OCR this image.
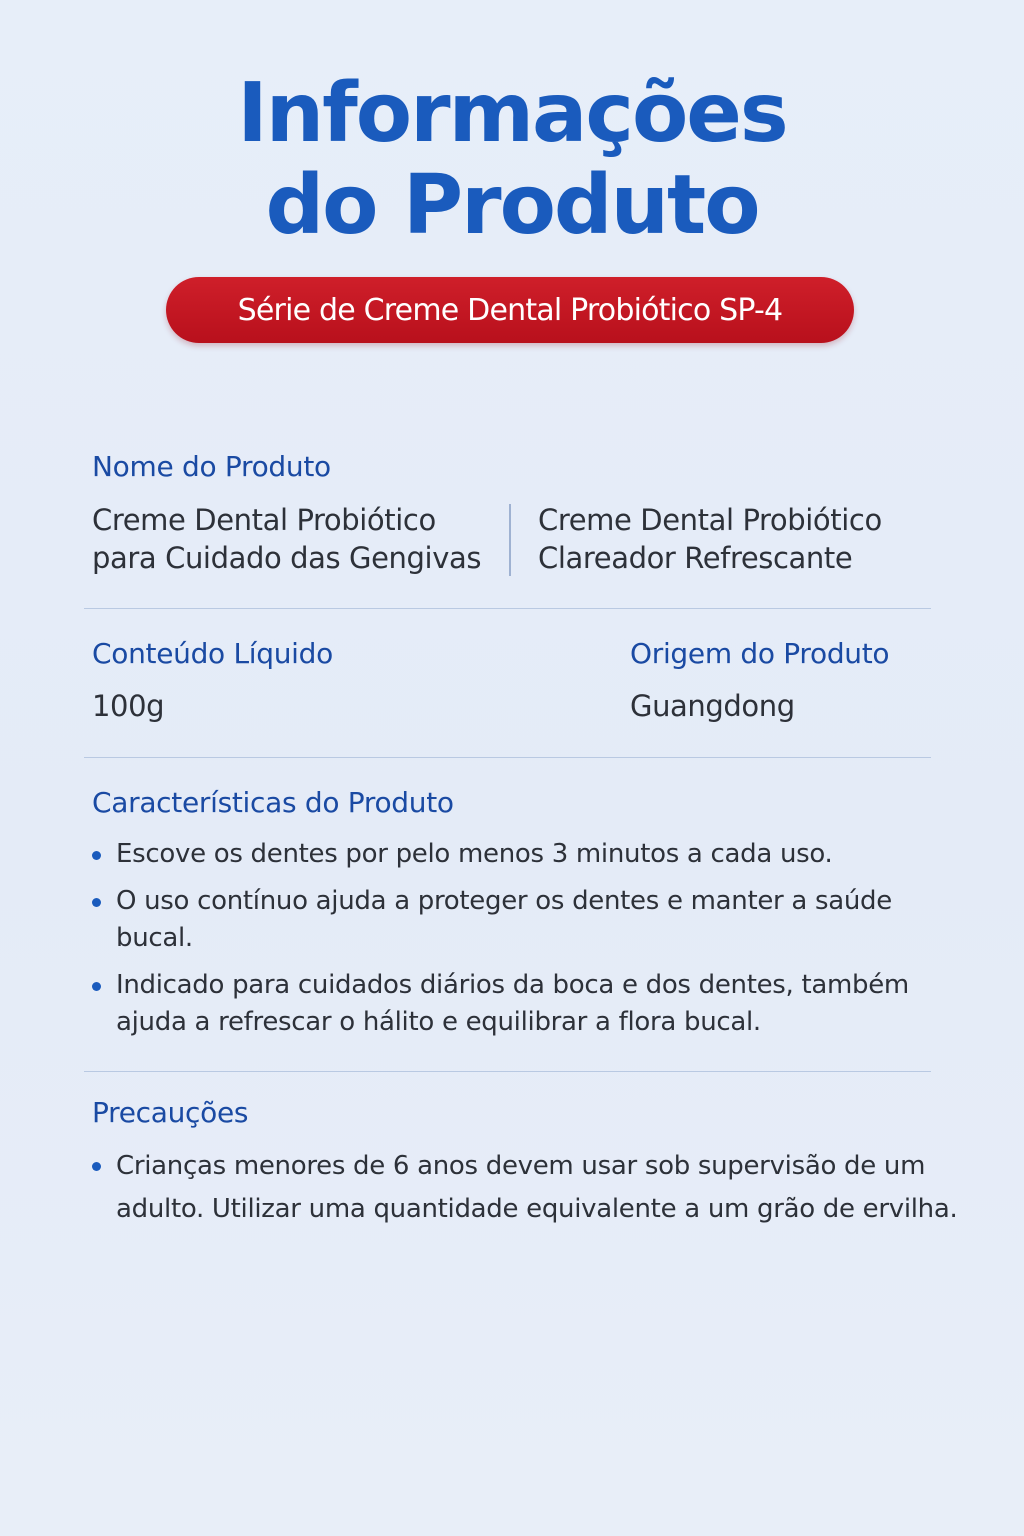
Informações
do Produto
Série de Creme Dental Probiótico SP-4
Nome do Produto
Creme Dental Probiótico
para Cuidado das Gengivas
Creme Dental Probiótico
Clareador Refrescante
Conteúdo Líquido
100g
Origem do Produto
Guangdong
Características do Produto
Escove os dentes por pelo menos 3 minutos a cada uso.
O uso contínuo ajuda a proteger os dentes e manter a saúde bucal.
Indicado para cuidados diários da boca e dos dentes, também ajuda a refrescar o hálito e equilibrar a flora bucal.
Precauções
Crianças menores de 6 anos devem usar sob supervisão de um adulto. Utilizar uma quantidade equivalente a um grão de ervilha.
